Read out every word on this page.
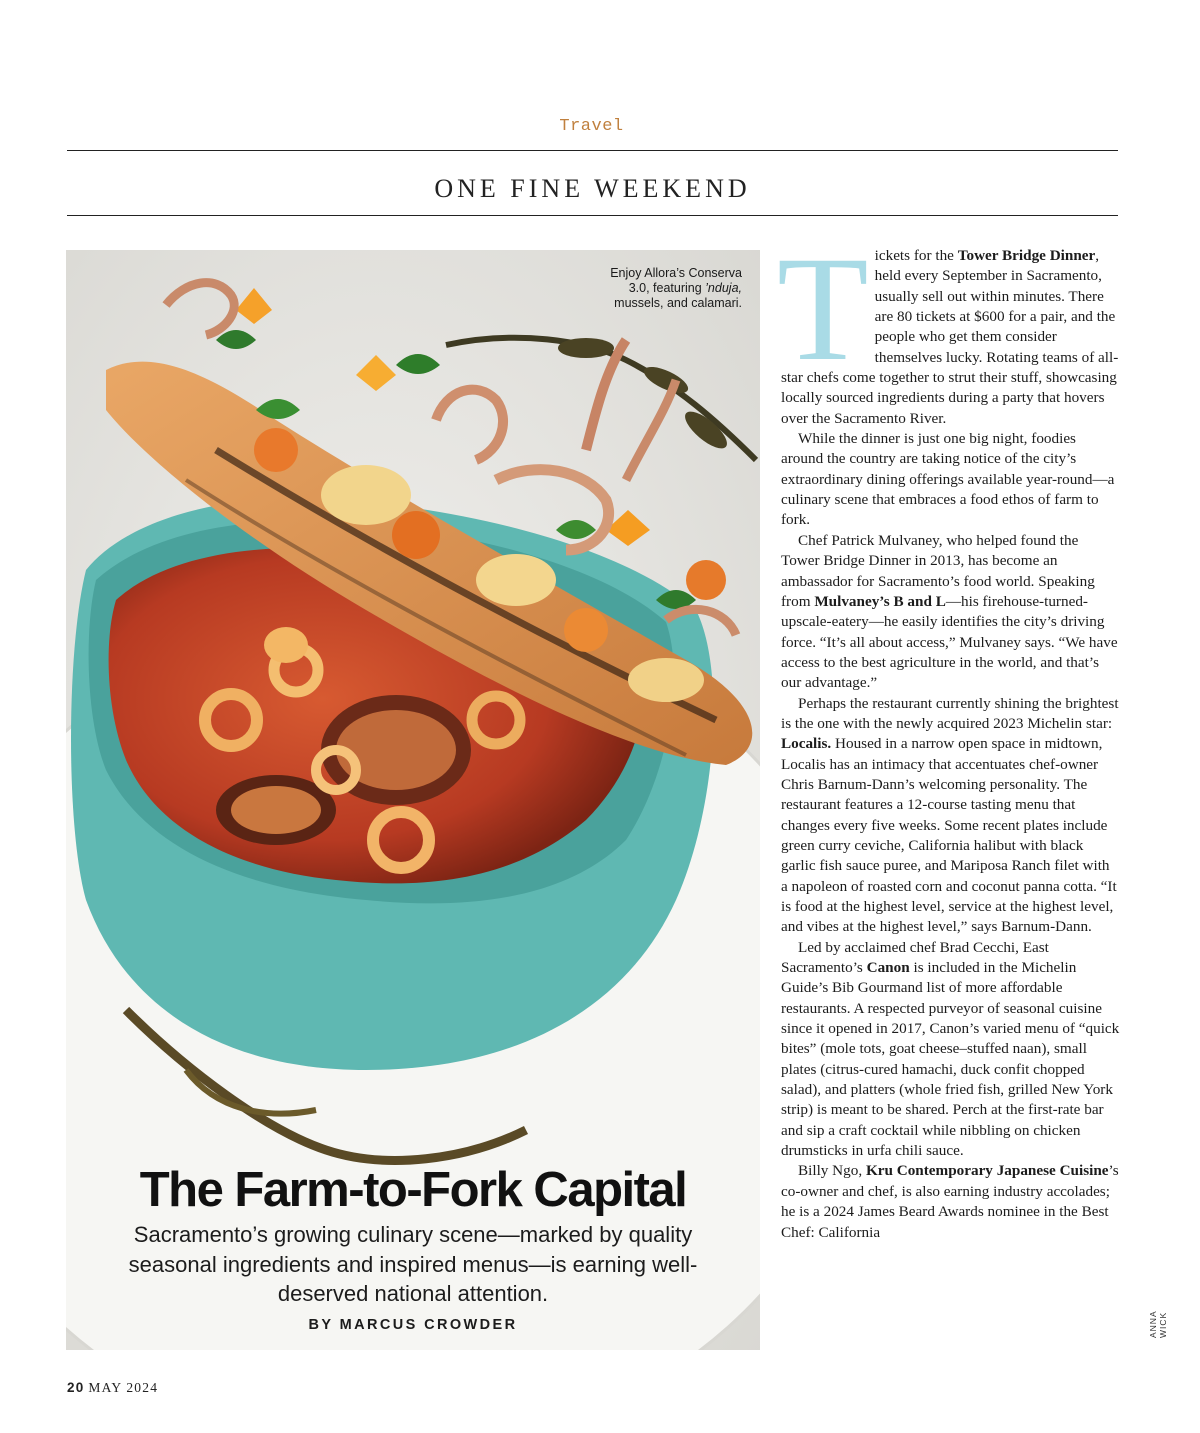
Travel
ONE FINE WEEKEND
Enjoy Allora’s Conserva
3.0, featuring ’nduja,
mussels, and calamari.
The Farm-to-Fork Capital
Sacramento’s growing culinary scene—marked by quality seasonal ingredients and inspired menus—is earning well-deserved national attention.
BY MARCUS CROWDER

Tickets for the Tower Bridge Dinner, held every September in Sacramento, usually sell out within minutes. There are 80 tickets at $600 for a pair, and the people who get them consider themselves lucky. Rotating teams of all-star chefs come together to strut their stuff, showcasing locally sourced ingredients during a party that hovers over the Sacramento River.

While the dinner is just one big night, foodies around the country are taking notice of the city’s extraordinary dining offerings available year-round—a culinary scene that embraces a food ethos of farm to fork.

Chef Patrick Mulvaney, who helped found the Tower Bridge Dinner in 2013, has become an ambassador for Sacramento’s food world. Speaking from Mulvaney’s B and L—his firehouse-turned-upscale-eatery—he easily identifies the city’s driving force. “It’s all about access,” Mulvaney says. “We have access to the best agriculture in the world, and that’s our advantage.”

Perhaps the restaurant currently shining the brightest is the one with the newly acquired 2023 Michelin star: Localis. Housed in a narrow open space in midtown, Localis has an intimacy that accentuates chef-owner Chris Barnum-Dann’s welcoming personality. The restaurant features a 12-course tasting menu that changes every five weeks. Some recent plates include green curry ceviche, California halibut with black garlic fish sauce puree, and Mariposa Ranch filet with a napoleon of roasted corn and coconut panna cotta. “It is food at the highest level, service at the highest level, and vibes at the highest level,” says Barnum-Dann.

Led by acclaimed chef Brad Cecchi, East Sacramento’s Canon is included in the Michelin Guide’s Bib Gourmand list of more affordable restaurants. A respected purveyor of seasonal cuisine since it opened in 2017, Canon’s varied menu of “quick bites” (mole tots, goat cheese–stuffed naan), small plates (citrus-cured hamachi, duck confit chopped salad), and platters (whole fried fish, grilled New York strip) is meant to be shared. Perch at the first-rate bar and sip a craft cocktail while nibbling on chicken drumsticks in urfa chili sauce.

Billy Ngo, Kru Contemporary Japanese Cuisine’s co-owner and chef, is also earning industry accolades; he is a 2024 James Beard Awards nominee in the Best Chef: California

ANNA WICK
20 MAY 2024
